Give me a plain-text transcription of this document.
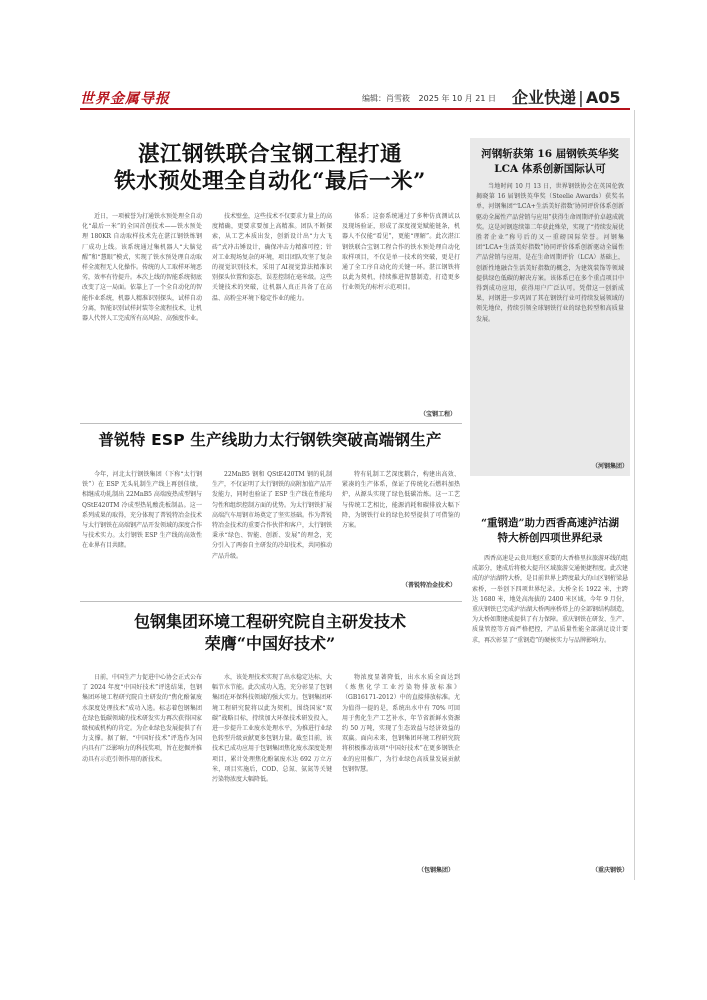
世界金属导报	编辑：肖雪筱 2025 年 10 月 21 日	企业快递 | A05
湛江钢铁联合宝钢工程打通
铁水预处理全自动化“最后一米”

近日，一项被誉为打通铁水预处理全自动化“最后一米”的全国首创技术——铁水预处理 180KR 自动取样技术先在湛江钢铁炼钢厂成功上线。该系统通过集机器人“大脑觉醒”和“慧眼”模式，实现了铁水预处理自动取样全流程无人化操作。传统的人工取样环境恶劣，效率有待提升。本次上线的智能系统彻底改变了这一局面。依靠上了一个全自动化的智能作业系统，机器人精准识别探头，试样自动分离，智能识别试样封装等全流程技术，让机器人代替人工完成所有高风险、高强度作业。

技术壁垒，这些技术不仅要求力量上的高度精确，更要求要加上高精准。团队不断探索，从工艺本质出发，创新设计出“力大飞砖”式冲击锤设计，确保冲击力精准可控；针对工业现场复杂的环境，项目团队攻坚了复杂的视觉识别技术，采用了AI视觉算法精准识别探头位置和姿态，误差控制在毫米级。这些关键技术的突破，让机器人真正具备了在高温、高粉尘环境下稳定作业的能力。

体系；这套系统通过了多种仿真测试以及现场验证，形成了深度视觉赋能链条，机器人不仅能“看见”，更能“理解”。此次湛江钢铁联合宝钢工程合作的铁水预处理自动化取样项目，不仅是单一技术的突破，更是打通了全工序自动化的关键一环。湛江钢铁将以此为契机，持续推进智慧制造，打造更多行业领先的标杆示范项目。

（宝钢工程）
普锐特 ESP 生产线助力太行钢铁突破高端钢生产

今年，河北太行钢铁集团（下称“太行钢铁”）在 ESP 无头轧制生产线上再创佳绩，相继成功轧制出 22MnB5 高端废热成型钢与 QStE420TM 冷成型热轧酸洗板制品。这一系列成果的取得，充分体现了普锐特冶金技术与太行钢铁在高端钢产品开发领域的深度合作与技术实力。太行钢铁 ESP 生产线的高效性在业界有目共睹。

22MnB5 钢和 QStE420TM 钢的轧制生产，不仅证明了太行钢铁的高附加值产品开发能力，同时也验证了 ESP 生产线在性能均匀性和组织控制方面的优势。为太行钢铁扩展高端汽车用钢市场奠定了坚实基础。作为普锐特冶金技术的重要合作伙伴和客户，太行钢铁秉承“绿色、智能、创新、发展”的理念，充分引入了两套自主研发的冷却技术，共同推动产品升级。

特有轧制工艺深度耦合，构建出高效、紧凑的生产体系，保证了传统化石燃料加热炉，从源头实现了绿色低碳冶炼。这一工艺与传统工艺相比，能源消耗和碳排放大幅下降，为钢铁行业的绿色转型提供了可借鉴的方案。

（普锐特冶金技术）
包钢集团环境工程研究院自主研发技术
荣膺“中国好技术”

日前，中国生产力促进中心协会正式公布了 2024 年度“中国好技术”评选结果，包钢集团环境工程研究院自主研发的“焦化酚氰废水深度处理技术”成功入选。标志着包钢集团在绿色低碳领域的技术研发实力再次获得国家级权威机构的肯定。为企业绿色发展提供了有力支撑。据了解，“中国好技术”评选作为国内具有广泛影响力的科技奖项，旨在挖掘并推动具有示范引领作用的新技术。

水，该处理技术实现了出水稳定达标，大幅节水节能。此次成功入选，充分彰显了包钢集团在环保科技领域的强大实力。包钢集团环境工程研究院将以此为契机，围绕国家“双碳”战略目标，持续加大环保技术研发投入，进一步提升工业废水处理水平，为推进行业绿色转型升级贡献更多包钢力量。截至目前，该技术已成功应用于包钢集团焦化废水深度处理项目，累计处理焦化酚氰废水达 692 万立方米，项目实施后，COD、总氮、氨氮等关键污染物浓度大幅降低。

物浓度显著降低，出水水质全面达到《炼焦化学工业污染物排放标准》（GB16171-2012）中的直接排放标准。尤为值得一提的是，系统出水中有 70% 可回用于焦化生产工艺补水，年节省新鲜水资源约 50 万吨，实现了生态效益与经济效益的双赢。面向未来，包钢集团环境工程研究院将积极推动该项“中国好技术”在更多钢铁企业的应用推广，为行业绿色高质量发展贡献包钢智慧。

（包钢集团）
河钢斩获第 16 届钢铁英华奖
LCA 体系创新国际认可

当地时间 10 月 13 日，世界钢铁协会在英国伦敦揭晓第 16 届钢铁英华奖（Steelie Awards）获奖名单，河钢集团“‘LCA+生活美好指数’协同评价体系创新驱动全属性产品营销与应用”获得生命周期评价卓越成就奖。这是河钢连续第二年获此殊荣，实现了“持续发展优胜者企业”称号后的又一重磅国际荣誉。河钢集团“LCA+生活美好指数”协同评价体系创新驱动全属性产品营销与应用，是在生命周期评价（LCA）基础上，创新性地融合生活美好指数的概念，为建筑装饰等领域提供绿色低碳的解决方案。该体系已在多个重点项目中得到成功应用，获得用户广泛认可。凭借这一创新成果，河钢进一步巩固了其在钢铁行业可持续发展领域的领先地位，持续引领全球钢铁行业的绿色转型和高质量发展。

（河钢集团）
“重钢造”助力西香高速泸沽湖
特大桥创四项世界纪录

西香高速是云贵川地区重要的大香格里拉旅游环线的组成部分，建成后将极大提升区域旅游交通便捷程度。此次建成的泸沽湖特大桥，是目前世界上跨度最大的山区钢桁梁悬索桥，一举创下四项世界纪录。大桥全长 1922 米，主跨达 1680 米，地处高海拔的 2400 米区域。今年 9 月份，重庆钢铁已完成泸沽湖大桥两座桥塔上的全部钢结构制造，为大桥如期建成提供了有力保障。重庆钢铁在研发、生产、质量管控等方面严格把控，产品质量性能全部满足设计要求，再次彰显了“重钢造”的硬核实力与品牌影响力。

（重庆钢铁）
